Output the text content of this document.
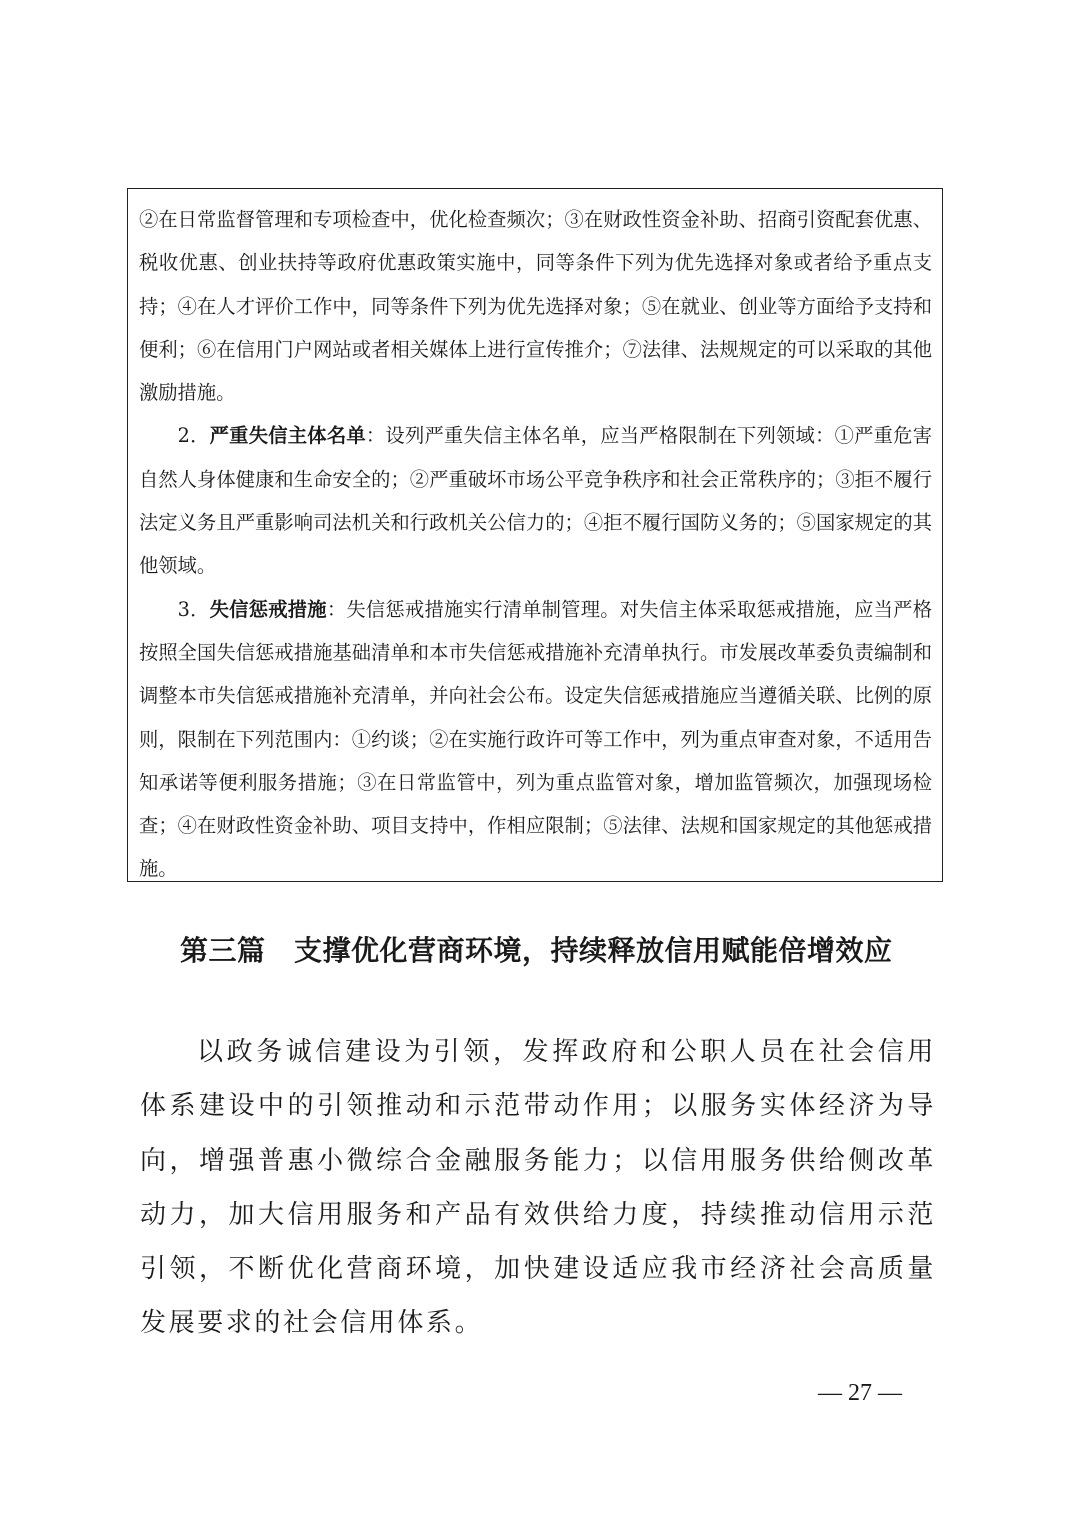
②在日常监督管理和专项检查中，优化检查频次；③在财政性资金补助、招商引资配套优惠、税收优惠、创业扶持等政府优惠政策实施中，同等条件下列为优先选择对象或者给予重点支持；④在人才评价工作中，同等条件下列为优先选择对象；⑤在就业、创业等方面给予支持和便利；⑥在信用门户网站或者相关媒体上进行宣传推介；⑦法律、法规规定的可以采取的其他激励措施。

2．严重失信主体名单：设列严重失信主体名单，应当严格限制在下列领域：①严重危害自然人身体健康和生命安全的；②严重破坏市场公平竞争秩序和社会正常秩序的；③拒不履行法定义务且严重影响司法机关和行政机关公信力的；④拒不履行国防义务的；⑤国家规定的其他领域。

3．失信惩戒措施：失信惩戒措施实行清单制管理。对失信主体采取惩戒措施，应当严格按照全国失信惩戒措施基础清单和本市失信惩戒措施补充清单执行。市发展改革委负责编制和调整本市失信惩戒措施补充清单，并向社会公布。设定失信惩戒措施应当遵循关联、比例的原则，限制在下列范围内：①约谈；②在实施行政许可等工作中，列为重点审查对象，不适用告知承诺等便利服务措施；③在日常监管中，列为重点监管对象，增加监管频次，加强现场检查；④在财政性资金补助、项目支持中，作相应限制；⑤法律、法规和国家规定的其他惩戒措施。

第三篇　支撑优化营商环境，持续释放信用赋能倍增效应

以政务诚信建设为引领，发挥政府和公职人员在社会信用体系建设中的引领推动和示范带动作用；以服务实体经济为导向，增强普惠小微综合金融服务能力；以信用服务供给侧改革动力，加大信用服务和产品有效供给力度，持续推动信用示范引领，不断优化营商环境，加快建设适应我市经济社会高质量发展要求的社会信用体系。

— 27 —
